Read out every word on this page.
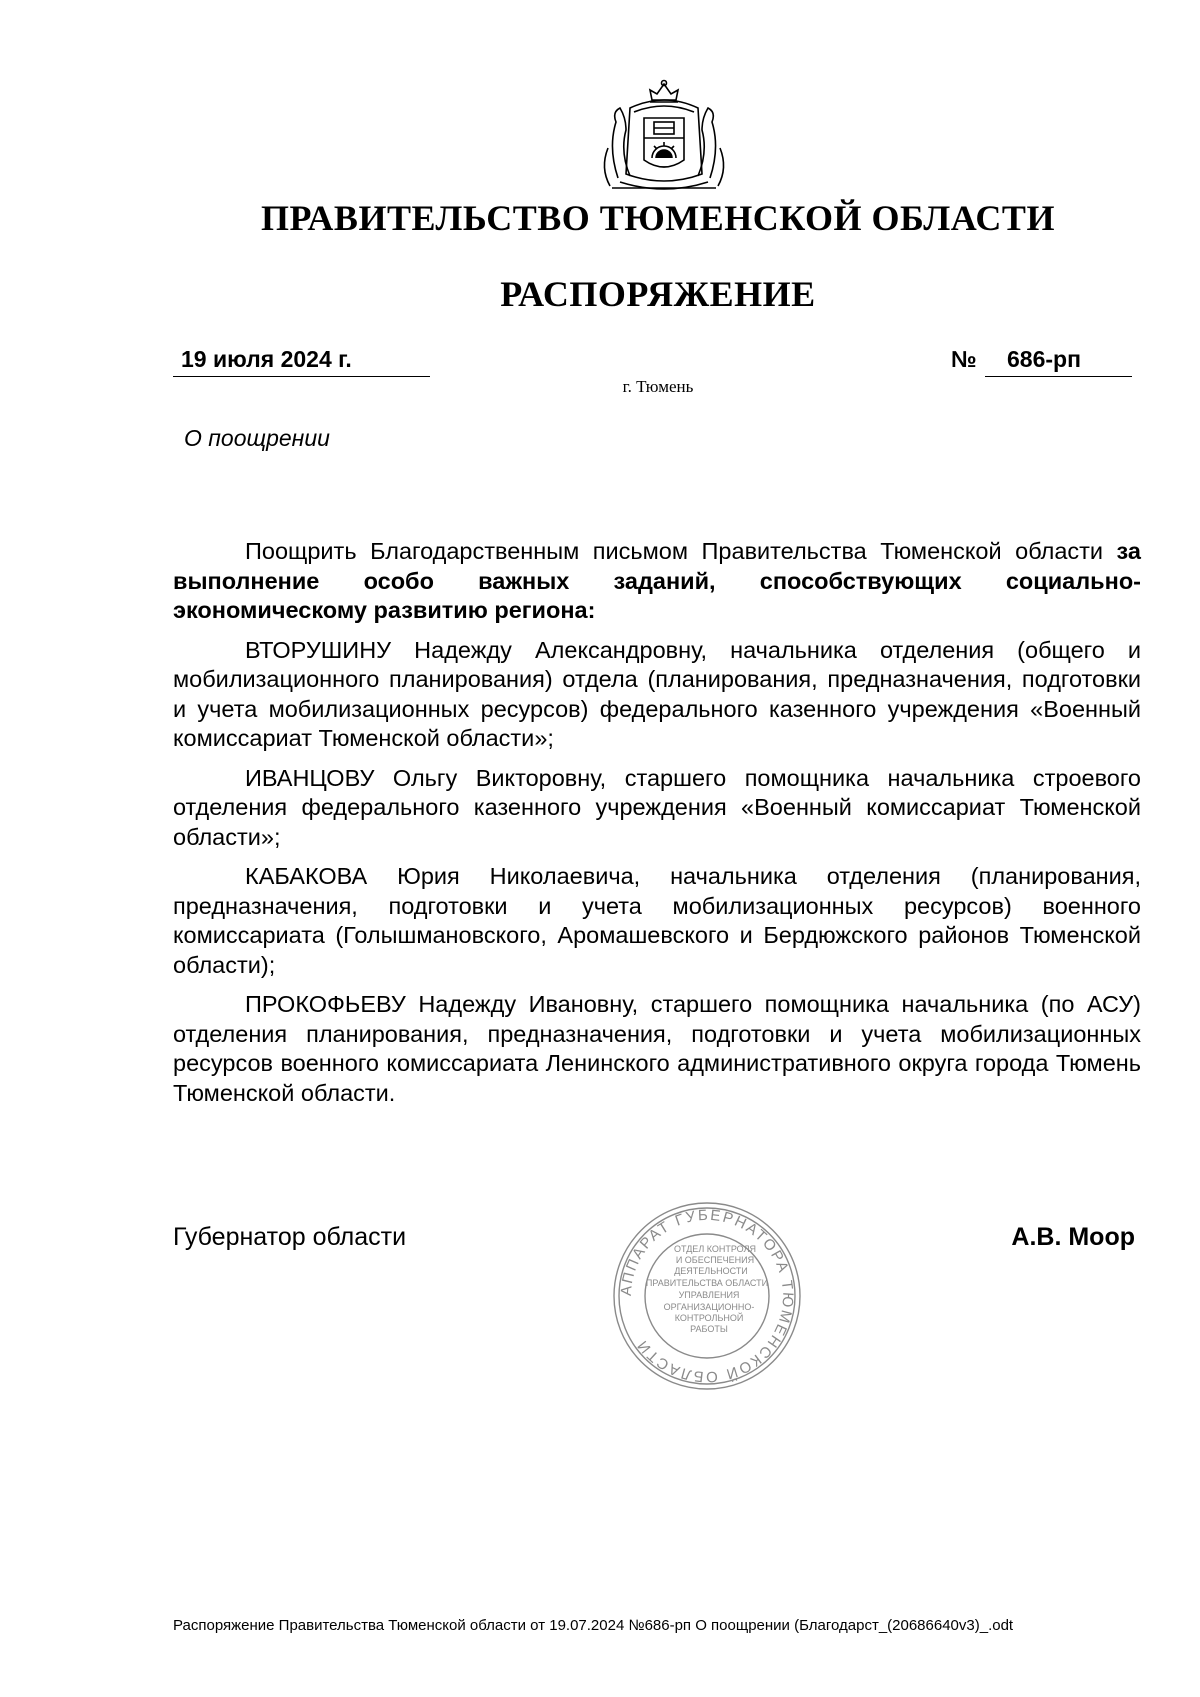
ПРАВИТЕЛЬСТВО ТЮМЕНСКОЙ ОБЛАСТИ
РАСПОРЯЖЕНИЕ
19 июля 2024 г.	№ 686-рп
г. Тюмень
О поощрении

Поощрить Благодарственным письмом Правительства Тюменской области за выполнение особо важных заданий, способствующих социально-экономическому развитию региона:

ВТОРУШИНУ Надежду Александровну, начальника отделения (общего и мобилизационного планирования) отдела (планирования, предназначения, подготовки и учета мобилизационных ресурсов) федерального казенного учреждения «Военный комиссариат Тюменской области»;

ИВАНЦОВУ Ольгу Викторовну, старшего помощника начальника строевого отделения федерального казенного учреждения «Военный комиссариат Тюменской области»;

КАБАКОВА Юрия Николаевича, начальника отделения (планирования, предназначения, подготовки и учета мобилизационных ресурсов) военного комиссариата (Голышмановского, Аромашевского и Бердюжского районов Тюменской области);

ПРОКОФЬЕВУ Надежду Ивановну, старшего помощника начальника (по АСУ) отделения планирования, предназначения, подготовки и учета мобилизационных ресурсов военного комиссариата Ленинского административного округа города Тюмень Тюменской области.

Губернатор области	А.В. Моор
АППАРАТ ГУБЕРНАТОРА ТЮМЕНСКОЙ ОБЛАСТИ
ОТДЕЛ КОНТРОЛЯ
И ОБЕСПЕЧЕНИЯ
ДЕЯТЕЛЬНОСТИ
ПРАВИТЕЛЬСТВА ОБЛАСТИ
УПРАВЛЕНИЯ
ОРГАНИЗАЦИОННО-
КОНТРОЛЬНОЙ
РАБОТЫ
Распоряжение Правительства Тюменской области от 19.07.2024 №686-рп О поощрении (Благодарст_(20686640v3)_.odt
